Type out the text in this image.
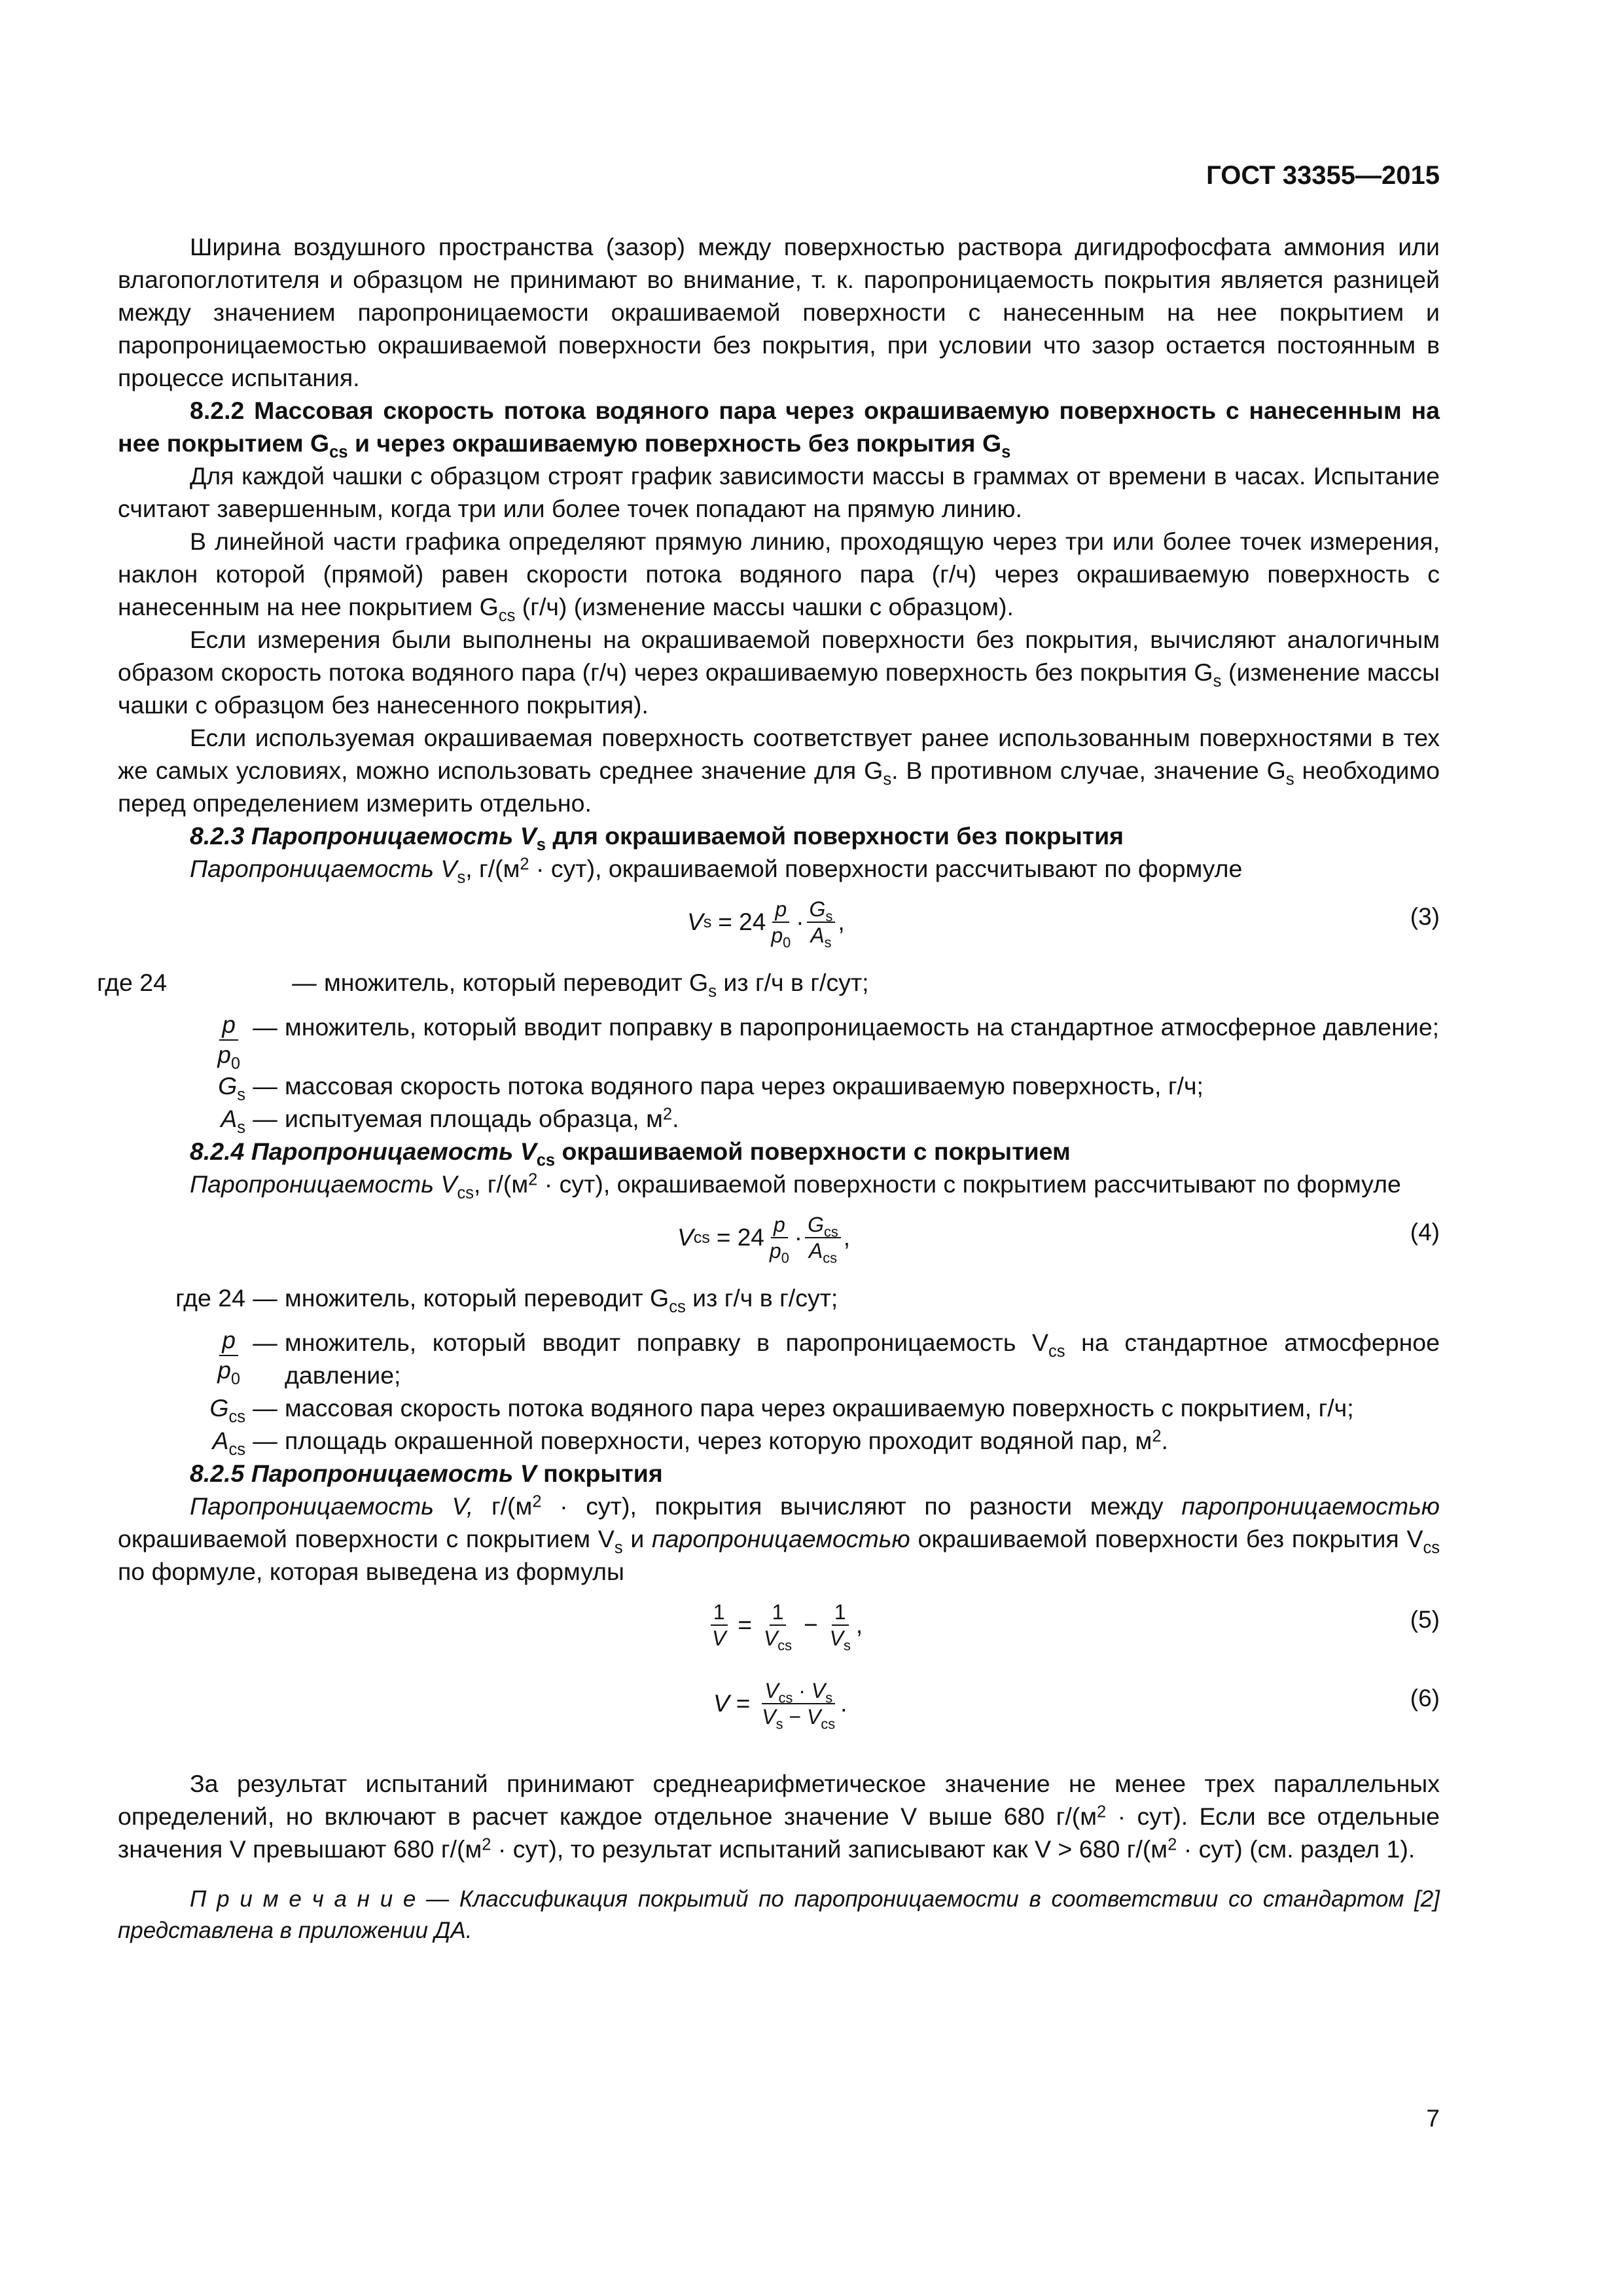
ГОСТ 33355—2015

Ширина воздушного пространства (зазор) между поверхностью раствора дигидрофосфата аммония или влагопоглотителя и образцом не принимают во внимание, т. к. паропроницаемость покрытия является разницей между значением паропроницаемости окрашиваемой поверхности с нанесенным на нее покрытием и паропроницаемостью окрашиваемой поверхности без покрытия, при условии что зазор остается постоянным в процессе испытания.

8.2.2 Массовая скорость потока водяного пара через окрашиваемую поверхность с нанесенным на нее покрытием $G_{cs}$ и через окрашиваемую поверхность без покрытия $G_s$

Для каждой чашки с образцом строят график зависимости массы в граммах от времени в часах. Испытание считают завершенным, когда три или более точек попадают на прямую линию.

В линейной части графика определяют прямую линию, проходящую через три или более точек измерения, наклон которой (прямой) равен скорости потока водяного пара (г/ч) через окрашиваемую поверхность с нанесенным на нее покрытием $G_{cs}$ (г/ч) (изменение массы чашки с образцом).

Если измерения были выполнены на окрашиваемой поверхности без покрытия, вычисляют аналогичным образом скорость потока водяного пара (г/ч) через окрашиваемую поверхность без покрытия $G_s$ (изменение массы чашки с образцом без нанесенного покрытия).

Если используемая окрашиваемая поверхность соответствует ранее использованным поверхностями в тех же самых условиях, можно использовать среднее значение для $G_s$. В противном случае, значение $G_s$ необходимо перед определением измерить отдельно.

8.2.3 Паропроницаемость $V_s$ для окрашиваемой поверхности без покрытия

Паропроницаемость $V_s$, $г/(м^2 \cdot сут)$, окрашиваемой поверхности рассчитывают по формуле

V $s = 24 \frac{p}{p_0} \cdot \frac{G_s}{A_s}$ ,	(3)
где 24	— множитель, который переводит $G_s$ из г/ч в г/сут;
$\frac{p}{p_0}$ — множитель, который вводит поправку в паропроницаемость на стандартное атмосферное давление;
$G_s$ — массовая скорость потока водяного пара через окрашиваемую поверхность, г/ч;
$A_s$ — испытуемая площадь образца, $м^2$.

8.2.4 Паропроницаемость $V_{cs}$ окрашиваемой поверхности с покрытием

Паропроницаемость $V_{cs}$, $г/(м^2 \cdot сут)$, окрашиваемой поверхности с покрытием рассчитывают по формуле

V cs = $24 \frac{p}{p_0} \cdot \frac{G_{cs}}{A_{cs}}$ ,	(4)
где 24 — множитель, который переводит $G_{cs}$ из г/ч в г/сут;
$\frac{p}{p_0}$ — множитель, который вводит поправку в паропроницаемость $V_{cs}$ на стандартное атмосферное давление;
$G_{cs}$ — массовая скорость потока водяного пара через окрашиваемую поверхность с покрытием, г/ч;
$A_{cs}$ — площадь окрашенной поверхности, через которую проходит водяной пар, $м^2$.

8.2.5 Паропроницаемость V покрытия

Паропроницаемость V, $г/(м^2 \cdot сут)$, покрытия вычисляют по разности между паропроницаемостью окрашиваемой поверхности с покрытием $V_s$ и паропроницаемостью окрашиваемой поверхности без покрытия $V_{cs}$ по формуле, которая выведена из формулы

$\frac{1}{V} = \frac{1}{V_{cs}} - \frac{1}{V_s}$ ,	(5)
$V = \frac{V_{cs} \cdot V_s}{V_s - V_{cs}}$ .	(6)

За результат испытаний принимают среднеарифметическое значение не менее трех параллельных определений, но включают в расчет каждое отдельное значение V выше 680 $г/(м^2 \cdot сут)$. Если все отдельные значения V превышают 680 $г/(м^2 \cdot сут)$, то результат испытаний записывают как V > 680 $г/(м^2 \cdot сут)$ (см. раздел 1).

П р и м е ч а н и е — Классификация покрытий по паропроницаемости в соответствии со стандартом [2] представлена в приложении ДА.

7
